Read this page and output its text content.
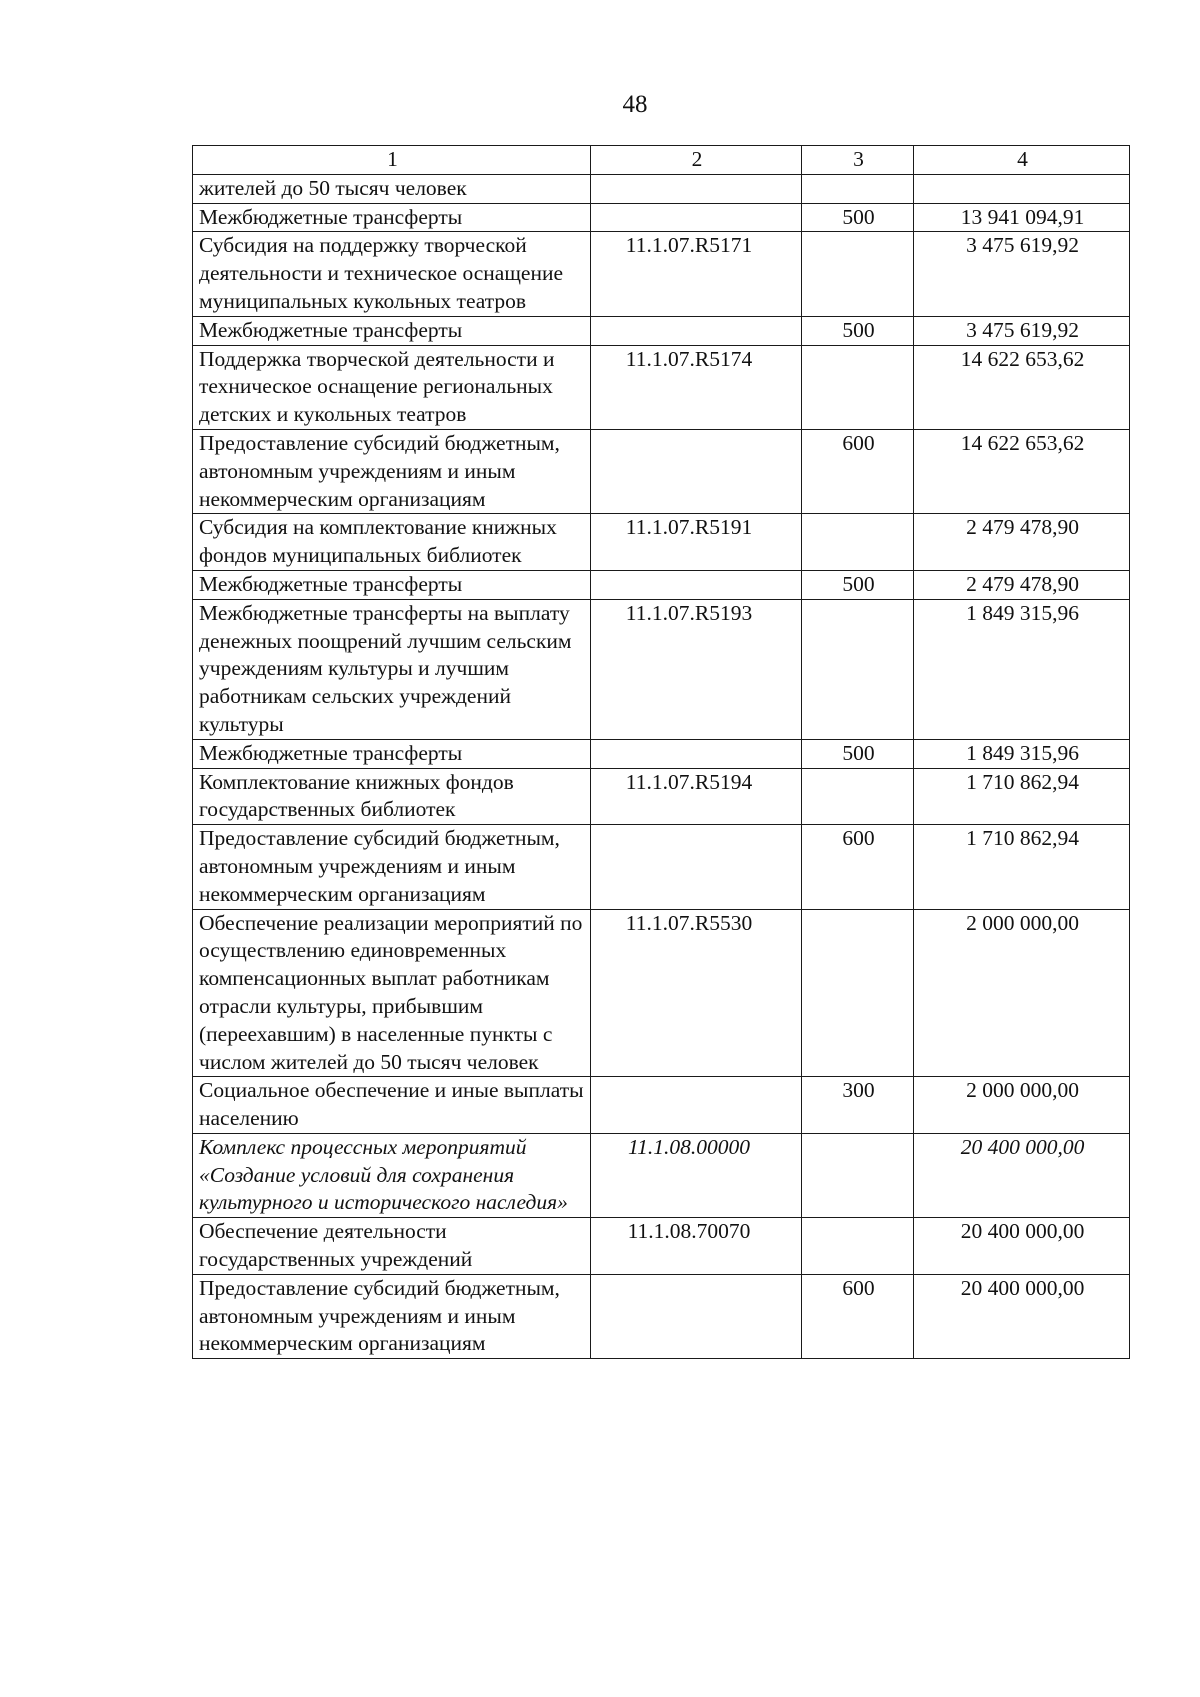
48
1	2	3	4
жителей до 50 тысяч человек			
Межбюджетные трансферты		500	13 941 094,91
Субсидия на поддержку творческой деятельности и техническое оснащение муниципальных кукольных театров	11.1.07.R5171		3 475 619,92
Межбюджетные трансферты		500	3 475 619,92
Поддержка творческой деятельности и техническое оснащение региональных детских и кукольных театров	11.1.07.R5174		14 622 653,62
Предоставление субсидий бюджетным, автономным учреждениям и иным некоммерческим организациям		600	14 622 653,62
Субсидия на комплектование книжных фондов муниципальных библиотек	11.1.07.R5191		2 479 478,90
Межбюджетные трансферты		500	2 479 478,90
Межбюджетные трансферты на выплату денежных поощрений лучшим сельским учреждениям культуры и лучшим работникам сельских учреждений культуры	11.1.07.R5193		1 849 315,96
Межбюджетные трансферты		500	1 849 315,96
Комплектование книжных фондов государственных библиотек	11.1.07.R5194		1 710 862,94
Предоставление субсидий бюджетным, автономным учреждениям и иным некоммерческим организациям		600	1 710 862,94
Обеспечение реализации мероприятий по осуществлению единовременных компенсационных выплат работникам отрасли культуры, прибывшим (переехавшим) в населенные пункты с числом жителей до 50 тысяч человек	11.1.07.R5530		2 000 000,00
Социальное обеспечение и иные выплаты населению		300	2 000 000,00
Комплекс процессных мероприятий «Создание условий для сохранения культурного и исторического наследия»	11.1.08.00000		20 400 000,00
Обеспечение деятельности государственных учреждений	11.1.08.70070		20 400 000,00
Предоставление субсидий бюджетным, автономным учреждениям и иным некоммерческим организациям		600	20 400 000,00
